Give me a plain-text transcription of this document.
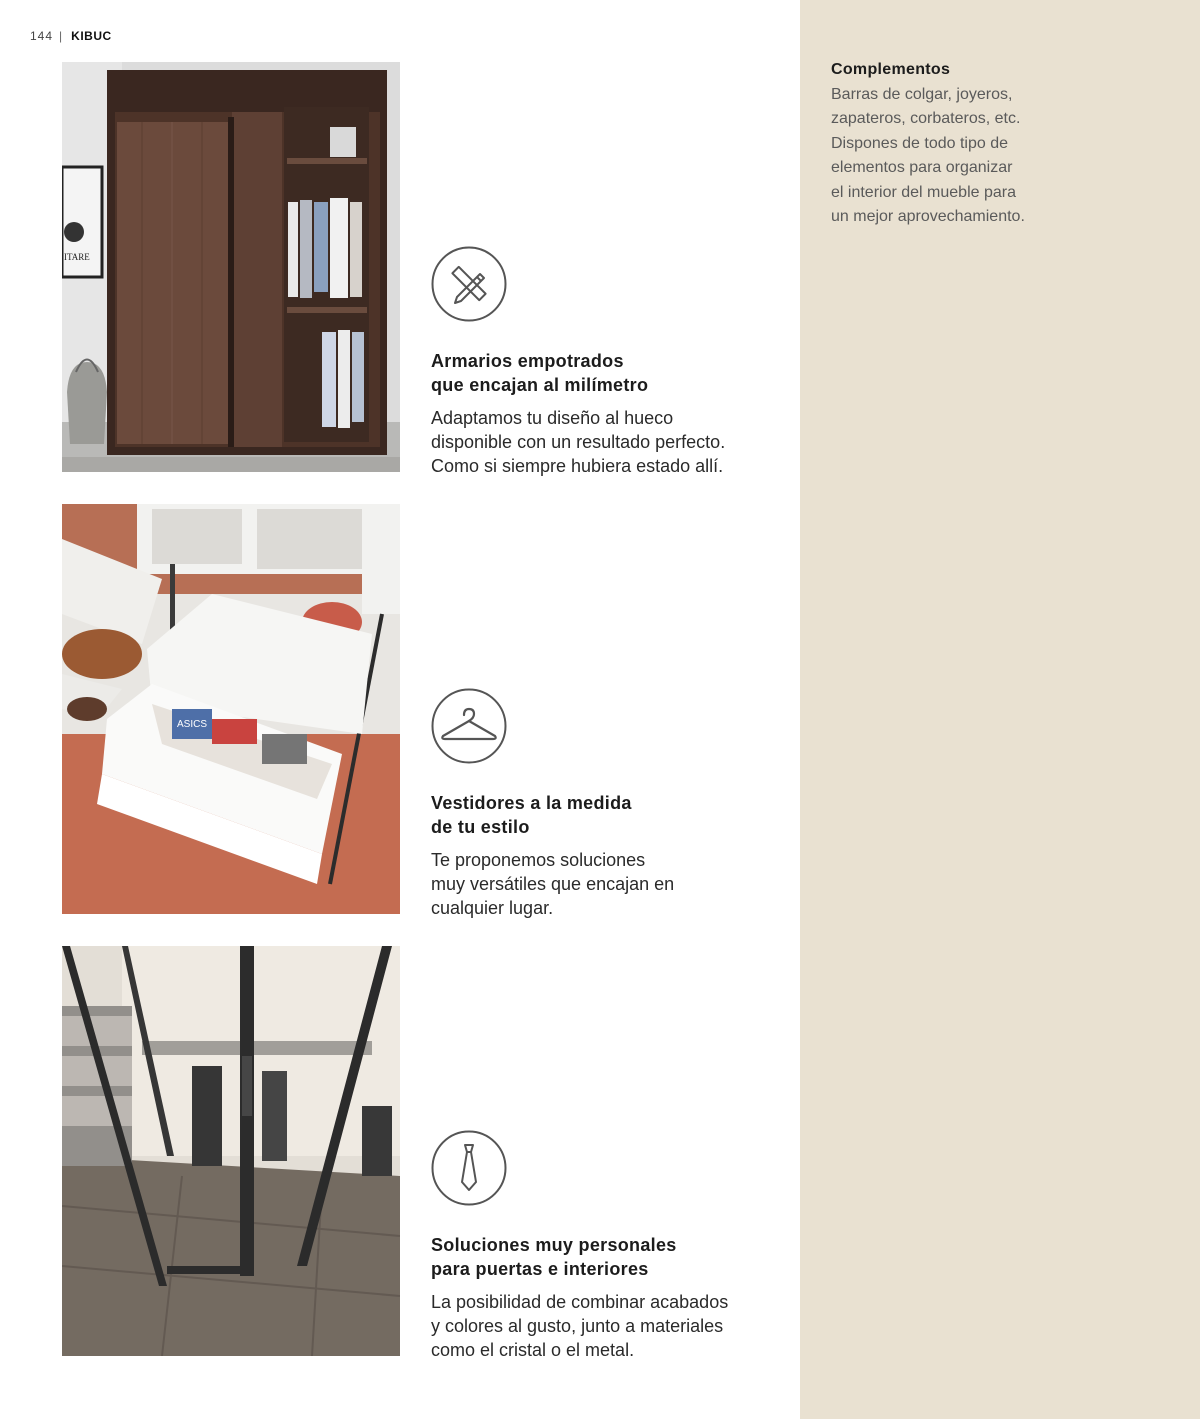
144 | KIBUC
ITARE
ASICS
Armarios empotrados
que encajan al milímetro
Adaptamos tu diseño al hueco
disponible con un resultado perfecto.
Como si siempre hubiera estado allí.
Vestidores a la medida
de tu estilo
Te proponemos soluciones
muy versátiles que encajan en
cualquier lugar.
Soluciones muy personales
para puertas e interiores
La posibilidad de combinar acabados
y colores al gusto, junto a materiales
como el cristal o el metal.
Complementos
Barras de colgar, joyeros,
zapateros, corbateros, etc.
Dispones de todo tipo de
elementos para organizar
el interior del mueble para
un mejor aprovechamiento.
